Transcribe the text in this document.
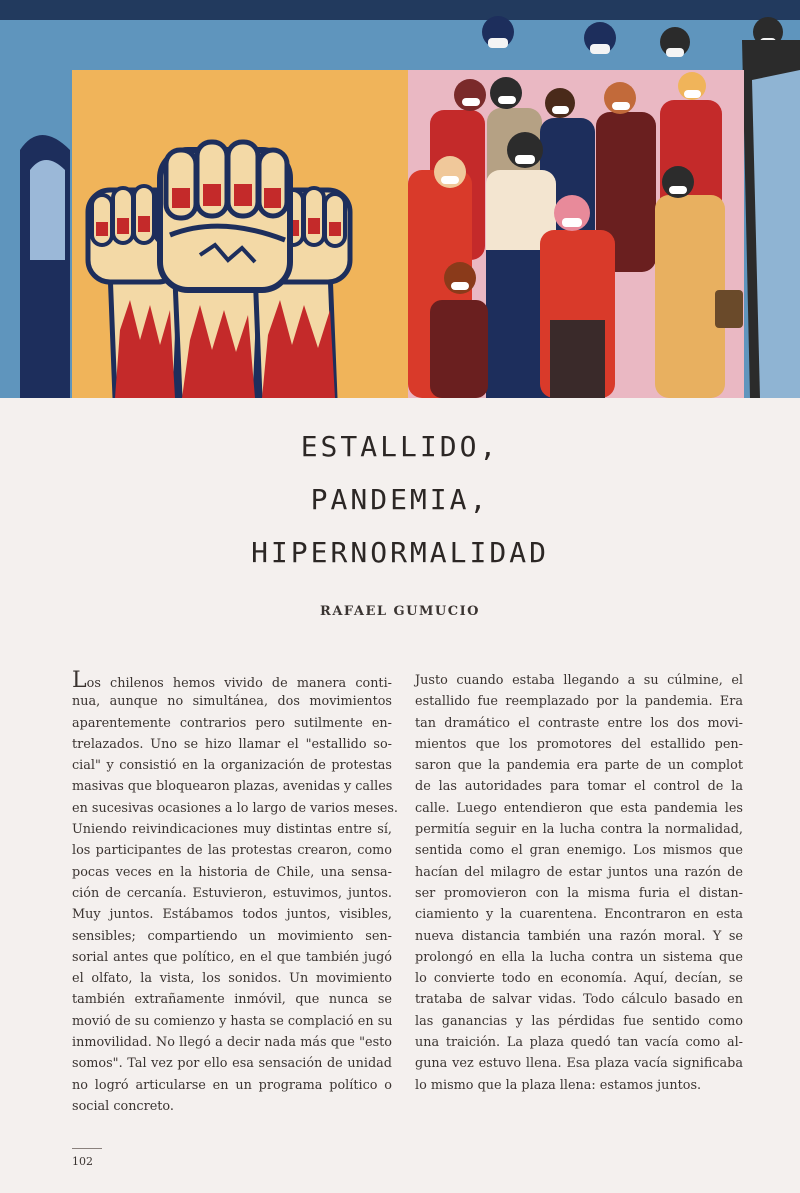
ESTALLIDO,
PANDEMIA,
HIPERNORMALIDAD
RAFAEL GUMUCIO
Los chilenos hemos vivido de manera conti-
nua, aunque no simultánea, dos movimientos
aparentemente contrarios pero sutilmente en-
trelazados. Uno se hizo llamar el "estallido so-
cial" y consistió en la organización de protestas
masivas que bloquearon plazas, avenidas y calles
en sucesivas ocasiones a lo largo de varios meses.
Uniendo reivindicaciones muy distintas entre sí,
los participantes de las protestas crearon, como
pocas veces en la historia de Chile, una sensa-
ción de cercanía. Estuvieron, estuvimos, juntos.
Muy juntos. Estábamos todos juntos, visibles,
sensibles; compartiendo un movimiento sen-
sorial antes que político, en el que también jugó
el olfato, la vista, los sonidos. Un movimiento
también extrañamente inmóvil, que nunca se
movió de su comienzo y hasta se complació en su
inmovilidad. No llegó a decir nada más que "esto
somos". Tal vez por ello esa sensación de unidad
no logró articularse en un programa político o
social concreto.
Justo cuando estaba llegando a su cúlmine, el
estallido fue reemplazado por la pandemia. Era
tan dramático el contraste entre los dos movi-
mientos que los promotores del estallido pen-
saron que la pandemia era parte de un complot
de las autoridades para tomar el control de la
calle. Luego entendieron que esta pandemia les
permitía seguir en la lucha contra la normalidad,
sentida como el gran enemigo. Los mismos que
hacían del milagro de estar juntos una razón de
ser promovieron con la misma furia el distan-
ciamiento y la cuarentena. Encontraron en esta
nueva distancia también una razón moral. Y se
prolongó en ella la lucha contra un sistema que
lo convierte todo en economía. Aquí, decían, se
trataba de salvar vidas. Todo cálculo basado en
las ganancias y las pérdidas fue sentido como
una traición. La plaza quedó tan vacía como al-
guna vez estuvo llena. Esa plaza vacía significaba
lo mismo que la plaza llena: estamos juntos.
102
